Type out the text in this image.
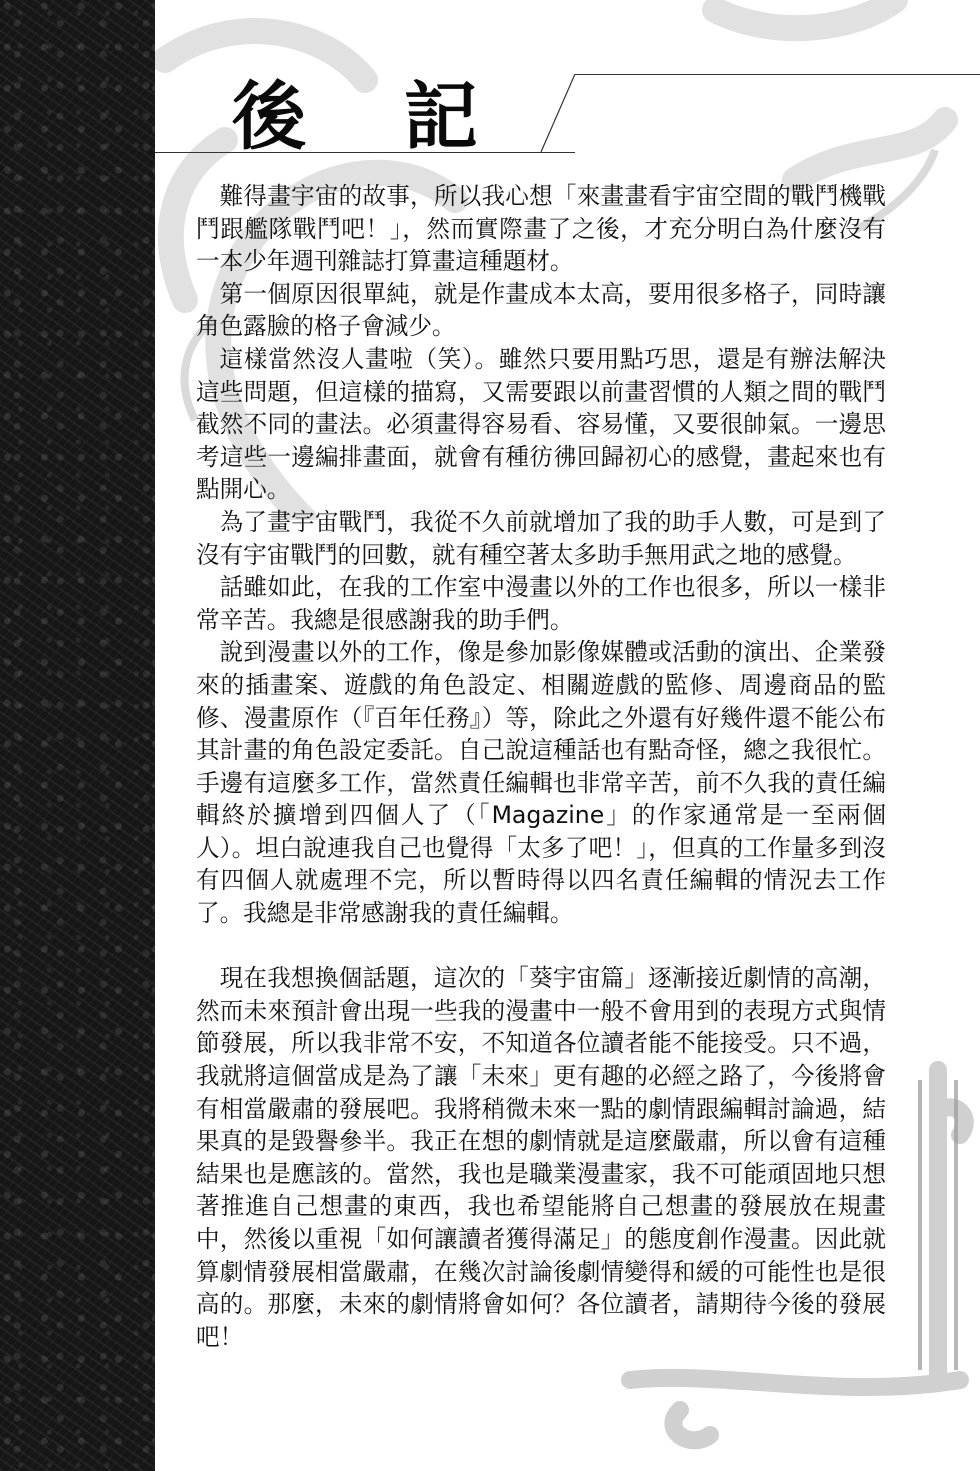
後 記

難得畫宇宙的故事，所以我心想「來畫畫看宇宙空間的戰鬥機戰鬥跟艦隊戰鬥吧！」，然而實際畫了之後，才充分明白為什麼沒有一本少年週刊雜誌打算畫這種題材。

第一個原因很單純，就是作畫成本太高，要用很多格子，同時讓角色露臉的格子會減少。

這樣當然沒人畫啦（笑）。雖然只要用點巧思，還是有辦法解決這些問題，但這樣的描寫，又需要跟以前畫習慣的人類之間的戰鬥截然不同的畫法。必須畫得容易看、容易懂，又要很帥氣。一邊思考這些一邊編排畫面，就會有種彷彿回歸初心的感覺，畫起來也有點開心。

為了畫宇宙戰鬥，我從不久前就增加了我的助手人數，可是到了沒有宇宙戰鬥的回數，就有種空著太多助手無用武之地的感覺。

話雖如此，在我的工作室中漫畫以外的工作也很多，所以一樣非常辛苦。我總是很感謝我的助手們。

說到漫畫以外的工作，像是參加影像媒體或活動的演出、企業發來的插畫案、遊戲的角色設定、相關遊戲的監修、周邊商品的監修、漫畫原作（『百年任務』）等，除此之外還有好幾件還不能公布其計畫的角色設定委託。自己說這種話也有點奇怪，總之我很忙。手邊有這麼多工作，當然責任編輯也非常辛苦，前不久我的責任編輯終於擴增到四個人了（「Magazine」的作家通常是一至兩個人）。坦白說連我自己也覺得「太多了吧！」，但真的工作量多到沒有四個人就處理不完，所以暫時得以四名責任編輯的情況去工作了。我總是非常感謝我的責任編輯。

現在我想換個話題，這次的「葵宇宙篇」逐漸接近劇情的高潮，然而未來預計會出現一些我的漫畫中一般不會用到的表現方式與情節發展，所以我非常不安，不知道各位讀者能不能接受。只不過，我就將這個當成是為了讓「未來」更有趣的必經之路了，今後將會有相當嚴肅的發展吧。我將稍微未來一點的劇情跟編輯討論過，結果真的是毀譽參半。我正在想的劇情就是這麼嚴肅，所以會有這種結果也是應該的。當然，我也是職業漫畫家，我不可能頑固地只想著推進自己想畫的東西，我也希望能將自己想畫的發展放在規畫中，然後以重視「如何讓讀者獲得滿足」的態度創作漫畫。因此就算劇情發展相當嚴肅，在幾次討論後劇情變得和緩的可能性也是很高的。那麼，未來的劇情將會如何？各位讀者，請期待今後的發展吧！
